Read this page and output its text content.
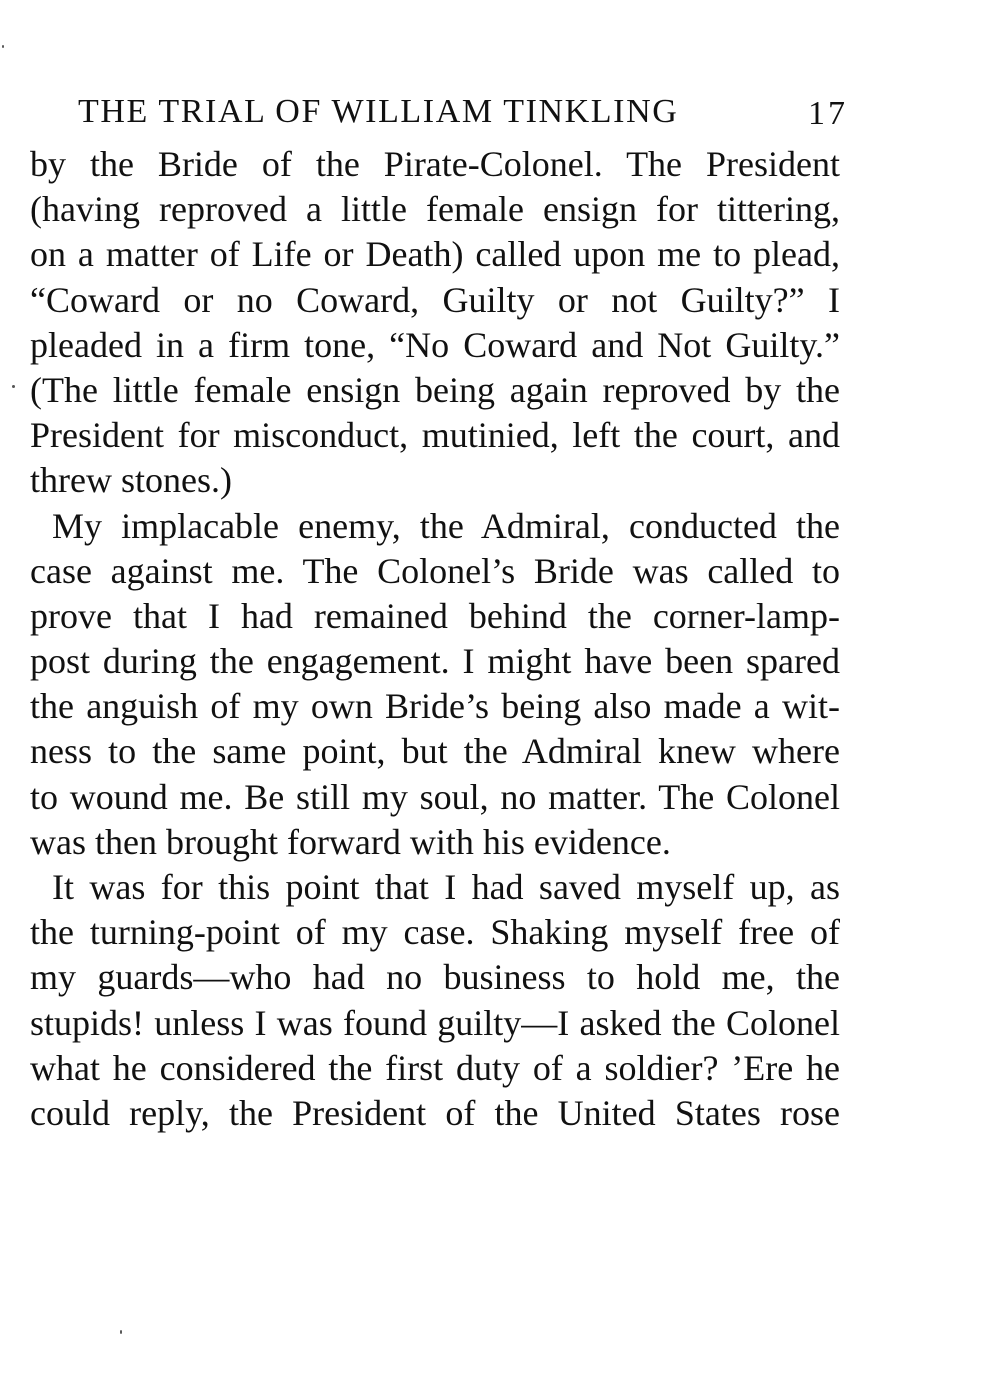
THE TRIAL OF WILLIAM TINKLING	17
by the Bride of the Pirate-Colonel. The President
(having reproved a little female ensign for tittering,
on a matter of Life or Death) called upon me to plead,
“Coward or no Coward, Guilty or not Guilty?” I
pleaded in a firm tone, “No Coward and Not Guilty.”
(The little female ensign being again reproved by the
President for misconduct, mutinied, left the court, and
threw stones.)
My implacable enemy, the Admiral, conducted the
case against me. The Colonel’s Bride was called to
prove that I had remained behind the corner-lamp-
post during the engagement. I might have been spared
the anguish of my own Bride’s being also made a wit-
ness to the same point, but the Admiral knew where
to wound me. Be still my soul, no matter. The Colonel
was then brought forward with his evidence.
It was for this point that I had saved myself up, as
the turning-point of my case. Shaking myself free of
my guards—who had no business to hold me, the
stupids! unless I was found guilty—I asked the Colonel
what he considered the first duty of a soldier? ’Ere he
could reply, the President of the United States rose
